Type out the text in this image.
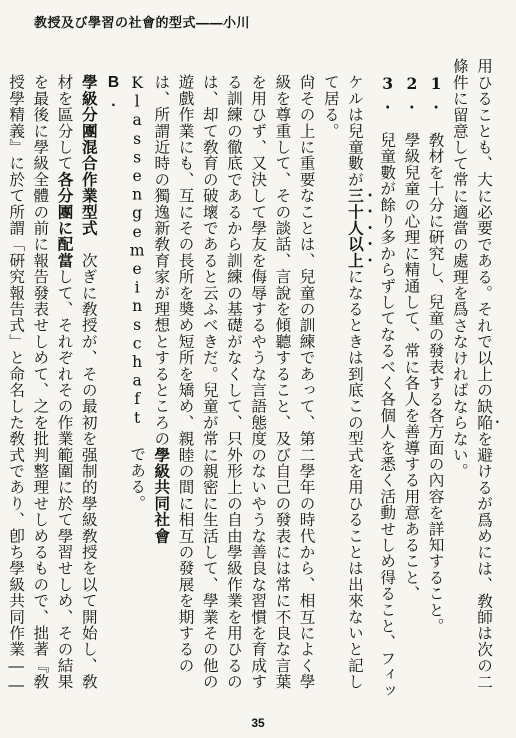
教授及び學習の社會的型式――小川

用ひることも、大に必要である。それで以上の缺陥を避けるが爲めには、敎師は次の二條件に留意して常に適當の處理を爲さなければならない。

1. 敎材を十分に硏究し、兒童の發表する各方面の內容を詳知すること。
2. 學級兒童の心理に精通して、常に各人を善導する用意あること、
3. 兒童數が餘り多からずしてなるべく各個人を悉く活動せしめ得ること、フィッケルは兒童數が三十人以上になるときは到底この型式を用ひることは出來ないと記して居る。

尙その上に重要なことは、兒童の訓練であって、第二學年の時代から、相互によく學級を尊重して、その談話、言說を傾聽すること、及び自己の發表には常に不良な言葉を用ひず、又決して學友を侮辱するやうな言語態度のないやうな善良な習慣を育成する訓練の徹底であるから訓練の基礎がなくして、只外形上の自由學級作業を用ひるのは、却て敎育の破壞であると云ふべきだ。兒童が常に親密に生活して、學業その他の遊戲作業にも、互にその長所を奬め短所を矯め、親睦の間に相互の發展を期するのは、所謂近時の獨逸新敎育家が理想とするところの學級共同社會 Klassengemeinschaft である。

B.

學級分團混合作業型式　次ぎに敎授が、その最初を强制的學級敎授を以て開始し、敎材を區分して各分團に配當して、それぞれその作業範圍に於て學習せしめ、その結果を最後に學級全體の前に報告發表せしめて、之を批判整理せしめるもので、拙著『敎授學精義』に於て所謂「硏究報告式」と命名した敎式であり、卽ち學級共同作業――

35
